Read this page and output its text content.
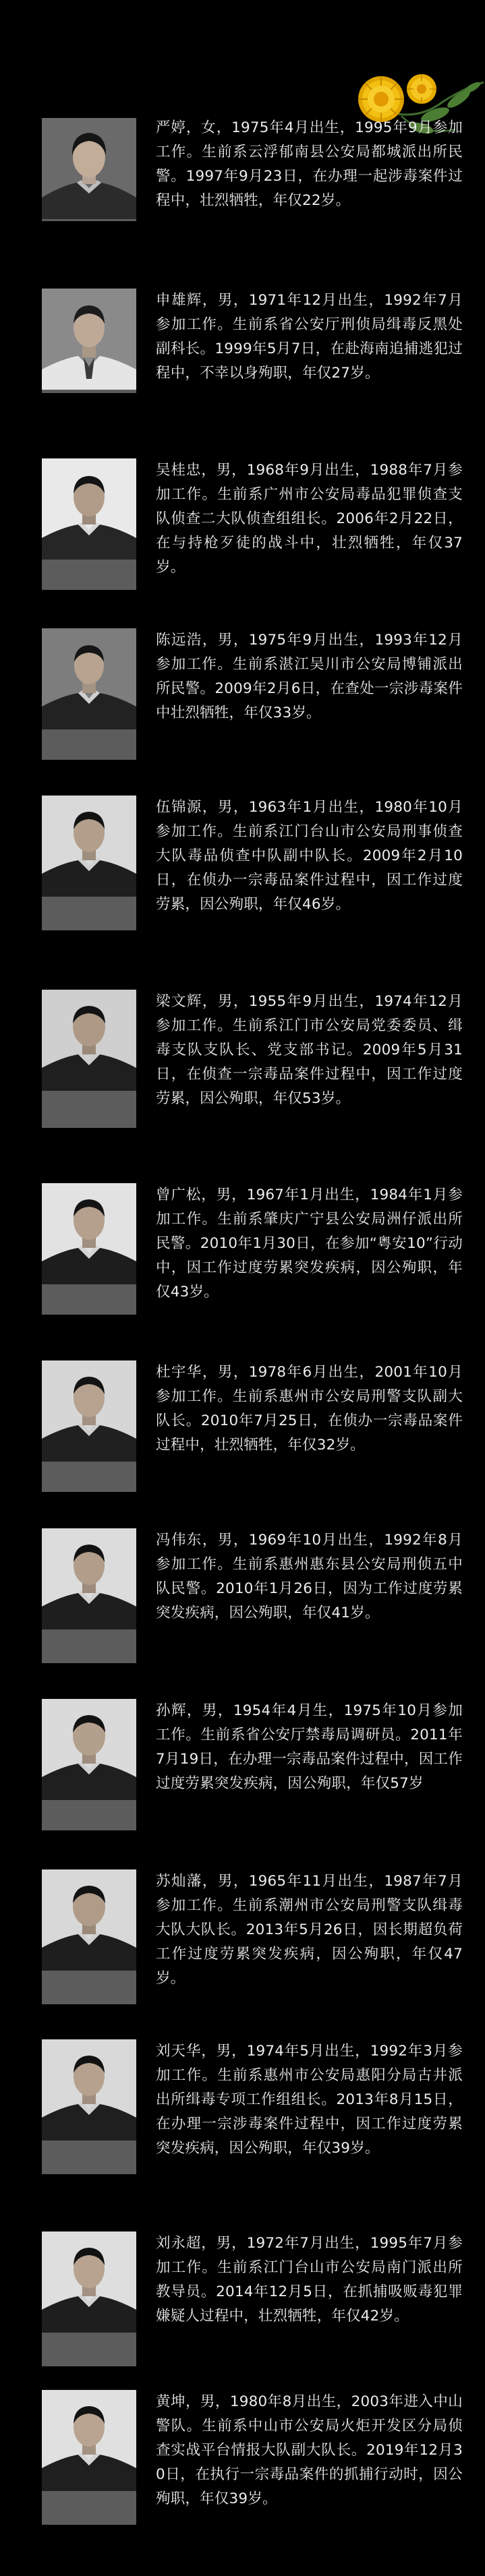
严婷，女，1975年4月出生，1995年9月参加工作。生前系云浮郁南县公安局都城派出所民警。1997年9月23日，在办理一起涉毒案件过程中，壮烈牺牲，年仅22岁。

申雄辉，男，1971年12月出生，1992年7月参加工作。生前系省公安厅刑侦局缉毒反黑处副科长。1999年5月7日，在赴海南追捕逃犯过程中，不幸以身殉职，年仅27岁。

吴桂忠，男，1968年9月出生，1988年7月参加工作。生前系广州市公安局毒品犯罪侦查支队侦查二大队侦查组组长。2006年2月22日，在与持枪歹徒的战斗中，壮烈牺牲，年仅37岁。

陈远浩，男，1975年9月出生，1993年12月参加工作。生前系湛江吴川市公安局博铺派出所民警。2009年2月6日，在查处一宗涉毒案件中壮烈牺牲，年仅33岁。

伍锦源，男，1963年1月出生，1980年10月参加工作。生前系江门台山市公安局刑事侦查大队毒品侦查中队副中队长。2009年2月10日，在侦办一宗毒品案件过程中，因工作过度劳累，因公殉职，年仅46岁。

梁文辉，男，1955年9月出生，1974年12月参加工作。生前系江门市公安局党委委员、缉毒支队支队长、党支部书记。2009年5月31日，在侦查一宗毒品案件过程中，因工作过度劳累，因公殉职，年仅53岁。

曾广松，男，1967年1月出生，1984年1月参加工作。生前系肇庆广宁县公安局洲仔派出所民警。2010年1月30日，在参加“粤安10”行动中，因工作过度劳累突发疾病，因公殉职，年仅43岁。

杜宇华，男，1978年6月出生，2001年10月参加工作。生前系惠州市公安局刑警支队副大队长。2010年7月25日，在侦办一宗毒品案件过程中，壮烈牺牲，年仅32岁。

冯伟东，男，1969年10月出生，1992年8月参加工作。生前系惠州惠东县公安局刑侦五中队民警。2010年1月26日，因为工作过度劳累突发疾病，因公殉职，年仅41岁。

孙辉，男，1954年4月生，1975年10月参加工作。生前系省公安厅禁毒局调研员。2011年7月19日，在办理一宗毒品案件过程中，因工作过度劳累突发疾病，因公殉职，年仅57岁

苏灿藩，男，1965年11月出生，1987年7月参加工作。生前系潮州市公安局刑警支队缉毒大队大队长。2013年5月26日，因长期超负荷工作过度劳累突发疾病，因公殉职，年仅47岁。

刘天华，男，1974年5月出生，1992年3月参加工作。生前系惠州市公安局惠阳分局古井派出所缉毒专项工作组组长。2013年8月15日，在办理一宗涉毒案件过程中，因工作过度劳累突发疾病，因公殉职，年仅39岁。

刘永超，男，1972年7月出生，1995年7月参加工作。生前系江门台山市公安局南门派出所教导员。2014年12月5日，在抓捕吸贩毒犯罪嫌疑人过程中，壮烈牺牲，年仅42岁。

黄坤，男，1980年8月出生，2003年进入中山警队。生前系中山市公安局火炬开发区分局侦查实战平台情报大队副大队长。2019年12月30日，在执行一宗毒品案件的抓捕行动时，因公殉职，年仅39岁。
